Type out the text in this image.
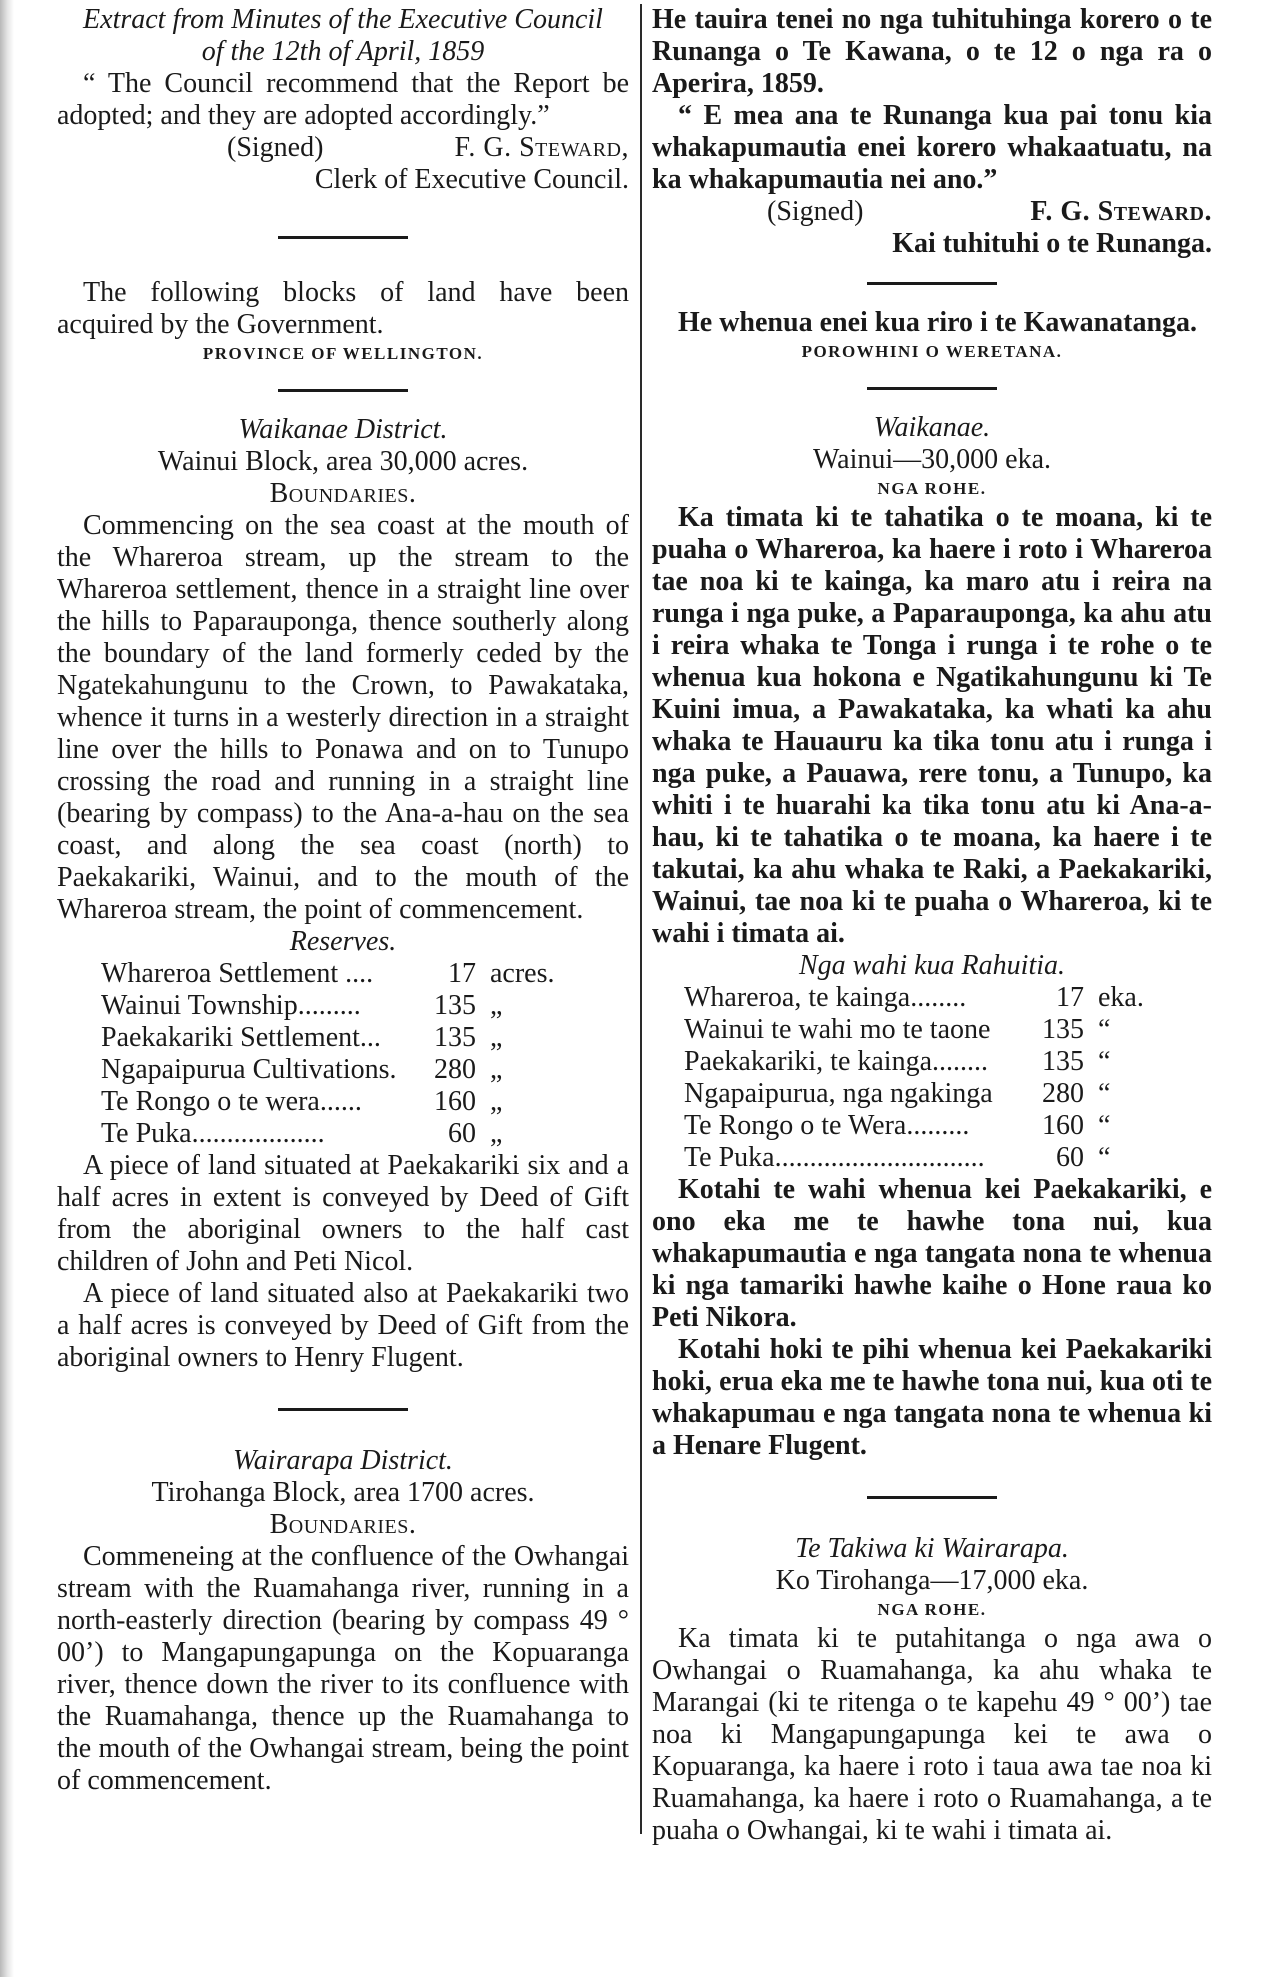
Extract from Minutes of the Executive Council

of the 12th of April, 1859

“ The Council recommend that the Report be adopted; and they are adopted accordingly.”

(Signed)	F. G. Steward,

Clerk of Executive Council.

The following blocks of land have been acquired by the Government.

PROVINCE OF WELLINGTON.

Waikanae District.

Wainui Block, area 30,000 acres.

Boundaries.

Commencing on the sea coast at the mouth of the Whareroa stream, up the stream to the Whareroa settlement, thence in a straight line over the hills to Paparauponga, thence southerly along the boundary of the land formerly ceded by the Ngatekahungunu to the Crown, to Pawakataka, whence it turns in a westerly direction in a straight line over the hills to Ponawa and on to Tunupo crossing the road and running in a straight line (bearing by compass) to the Ana-a-hau on the sea coast, and along the sea coast (north) to Paekakariki, Wainui, and to the mouth of the Whareroa stream, the point of commencement.

Reserves.

Whareroa Settlement ....	17	acres.
Wainui Township.........	135	„
Paekakariki Settlement...	135	„
Ngapaipurua Cultivations.	280	„
Te Rongo o te wera......	160	„
Te Puka...................	60	„

A piece of land situated at Paekakariki six and a half acres in extent is conveyed by Deed of Gift from the aboriginal owners to the half cast children of John and Peti Nicol.

A piece of land situated also at Paekakariki two a half acres is conveyed by Deed of Gift from the aboriginal owners to Henry Flugent.

Wairarapa District.

Tirohanga Block, area 1700 acres.

Boundaries.

Commeneing at the confluence of the Owhangai stream with the Ruamahanga river, running in a north-easterly direction (bearing by compass 49 ° 00’) to Mangapungapunga on the Kopuaranga river, thence down the river to its confluence with the Ruamahanga, thence up the Ruamahanga to the mouth of the Owhangai stream, being the point of commencement.

He tauira tenei no nga tuhituhinga korero o te Runanga o Te Kawana, o te 12 o nga ra o Aperira, 1859.

“ E mea ana te Runanga kua pai tonu kia whakapumautia enei korero whakaatuatu, na ka whakapumautia nei ano.”

(Signed)	F. G. Steward.

Kai tuhituhi o te Runanga.

He whenua enei kua riro i te Kawanatanga.

POROWHINI O WERETANA.

Waikanae.

Wainui—30,000 eka.

NGA ROHE.

Ka timata ki te tahatika o te moana, ki te puaha o Whareroa, ka haere i roto i Whareroa tae noa ki te kainga, ka maro atu i reira na runga i nga puke, a Paparauponga, ka ahu atu i reira whaka te Tonga i runga i te rohe o te whenua kua hokona e Ngatikahungunu ki Te Kuini imua, a Pawakataka, ka whati ka ahu whaka te Hauauru ka tika tonu atu i runga i nga puke, a Pauawa, rere tonu, a Tunupo, ka whiti i te huarahi ka tika tonu atu ki Ana-a-hau, ki te tahatika o te moana, ka haere i te takutai, ka ahu whaka te Raki, a Paekakariki, Wainui, tae noa ki te puaha o Whareroa, ki te wahi i timata ai.

Nga wahi kua Rahuitia.

Whareroa, te kainga........	17	eka.
Wainui te wahi mo te taone	135	“
Paekakariki, te kainga........	135	“
Ngapaipurua, nga ngakinga	280	“
Te Rongo o te Wera.........	160	“
Te Puka..............................	60	“

Kotahi te wahi whenua kei Paekakariki, e ono eka me te hawhe tona nui, kua whakapumautia e nga tangata nona te whenua ki nga tamariki hawhe kaihe o Hone raua ko Peti Nikora.

Kotahi hoki te pihi whenua kei Paekakariki hoki, erua eka me te hawhe tona nui, kua oti te whakapumau e nga tangata nona te whenua ki a Henare Flugent.

Te Takiwa ki Wairarapa.

Ko Tirohanga—17,000 eka.

NGA ROHE.

Ka timata ki te putahitanga o nga awa o Owhangai o Ruamahanga, ka ahu whaka te Marangai (ki te ritenga o te kapehu 49 ° 00’) tae noa ki Mangapungapunga kei te awa o Kopuaranga, ka haere i roto i taua awa tae noa ki Ruamahanga, ka haere i roto o Ruamahanga, a te puaha o Owhangai, ki te wahi i timata ai.
